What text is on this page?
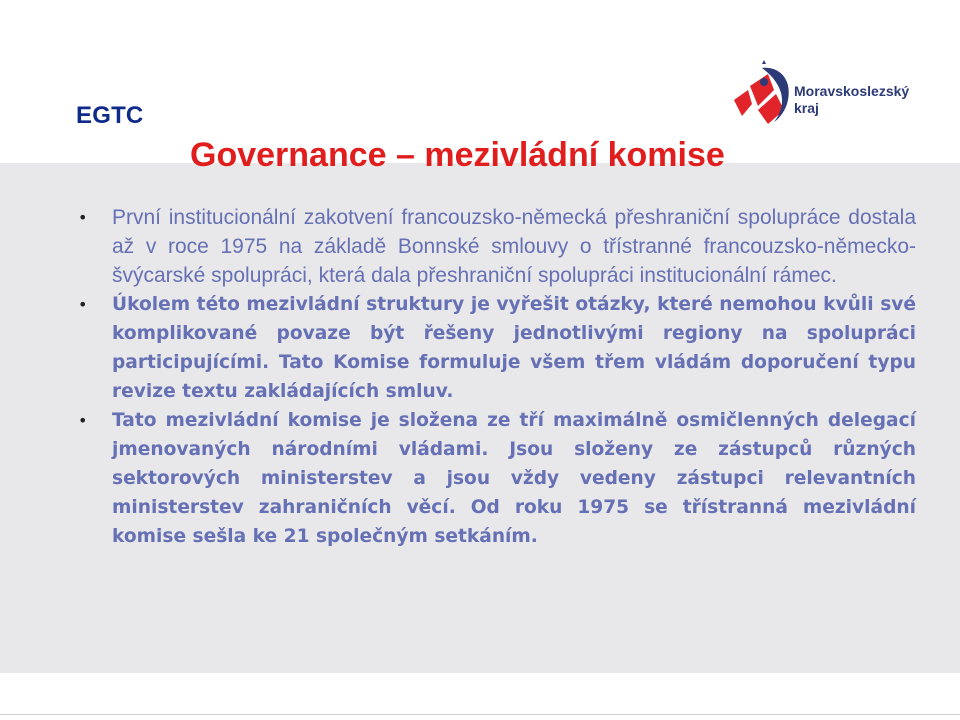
EGTC
Moravskoslezský
kraj
Governance – mezivládní komise
• První institucionální zakotvení francouzsko-německá přeshraniční spolupráce dostala až v roce 1975 na základě Bonnské smlouvy o třístranné francouzsko-německo-švýcarské spolupráci, která dala přeshraniční spolupráci institucionální rámec.
• Úkolem této mezivládní struktury je vyřešit otázky, které nemohou kvůli své komplikované povaze být řešeny jednotlivými regiony na spolupráci participujícími. Tato Komise formuluje všem třem vládám doporučení typu revize textu zakládajících smluv.
• Tato mezivládní komise je složena ze tří maximálně osmičlenných delegací jmenovaných národními vládami. Jsou složeny ze zástupců různých sektorových ministerstev a jsou vždy vedeny zástupci relevantních ministerstev zahraničních věcí. Od roku 1975 se třístranná mezivládní komise sešla ke 21 společným setkáním.
